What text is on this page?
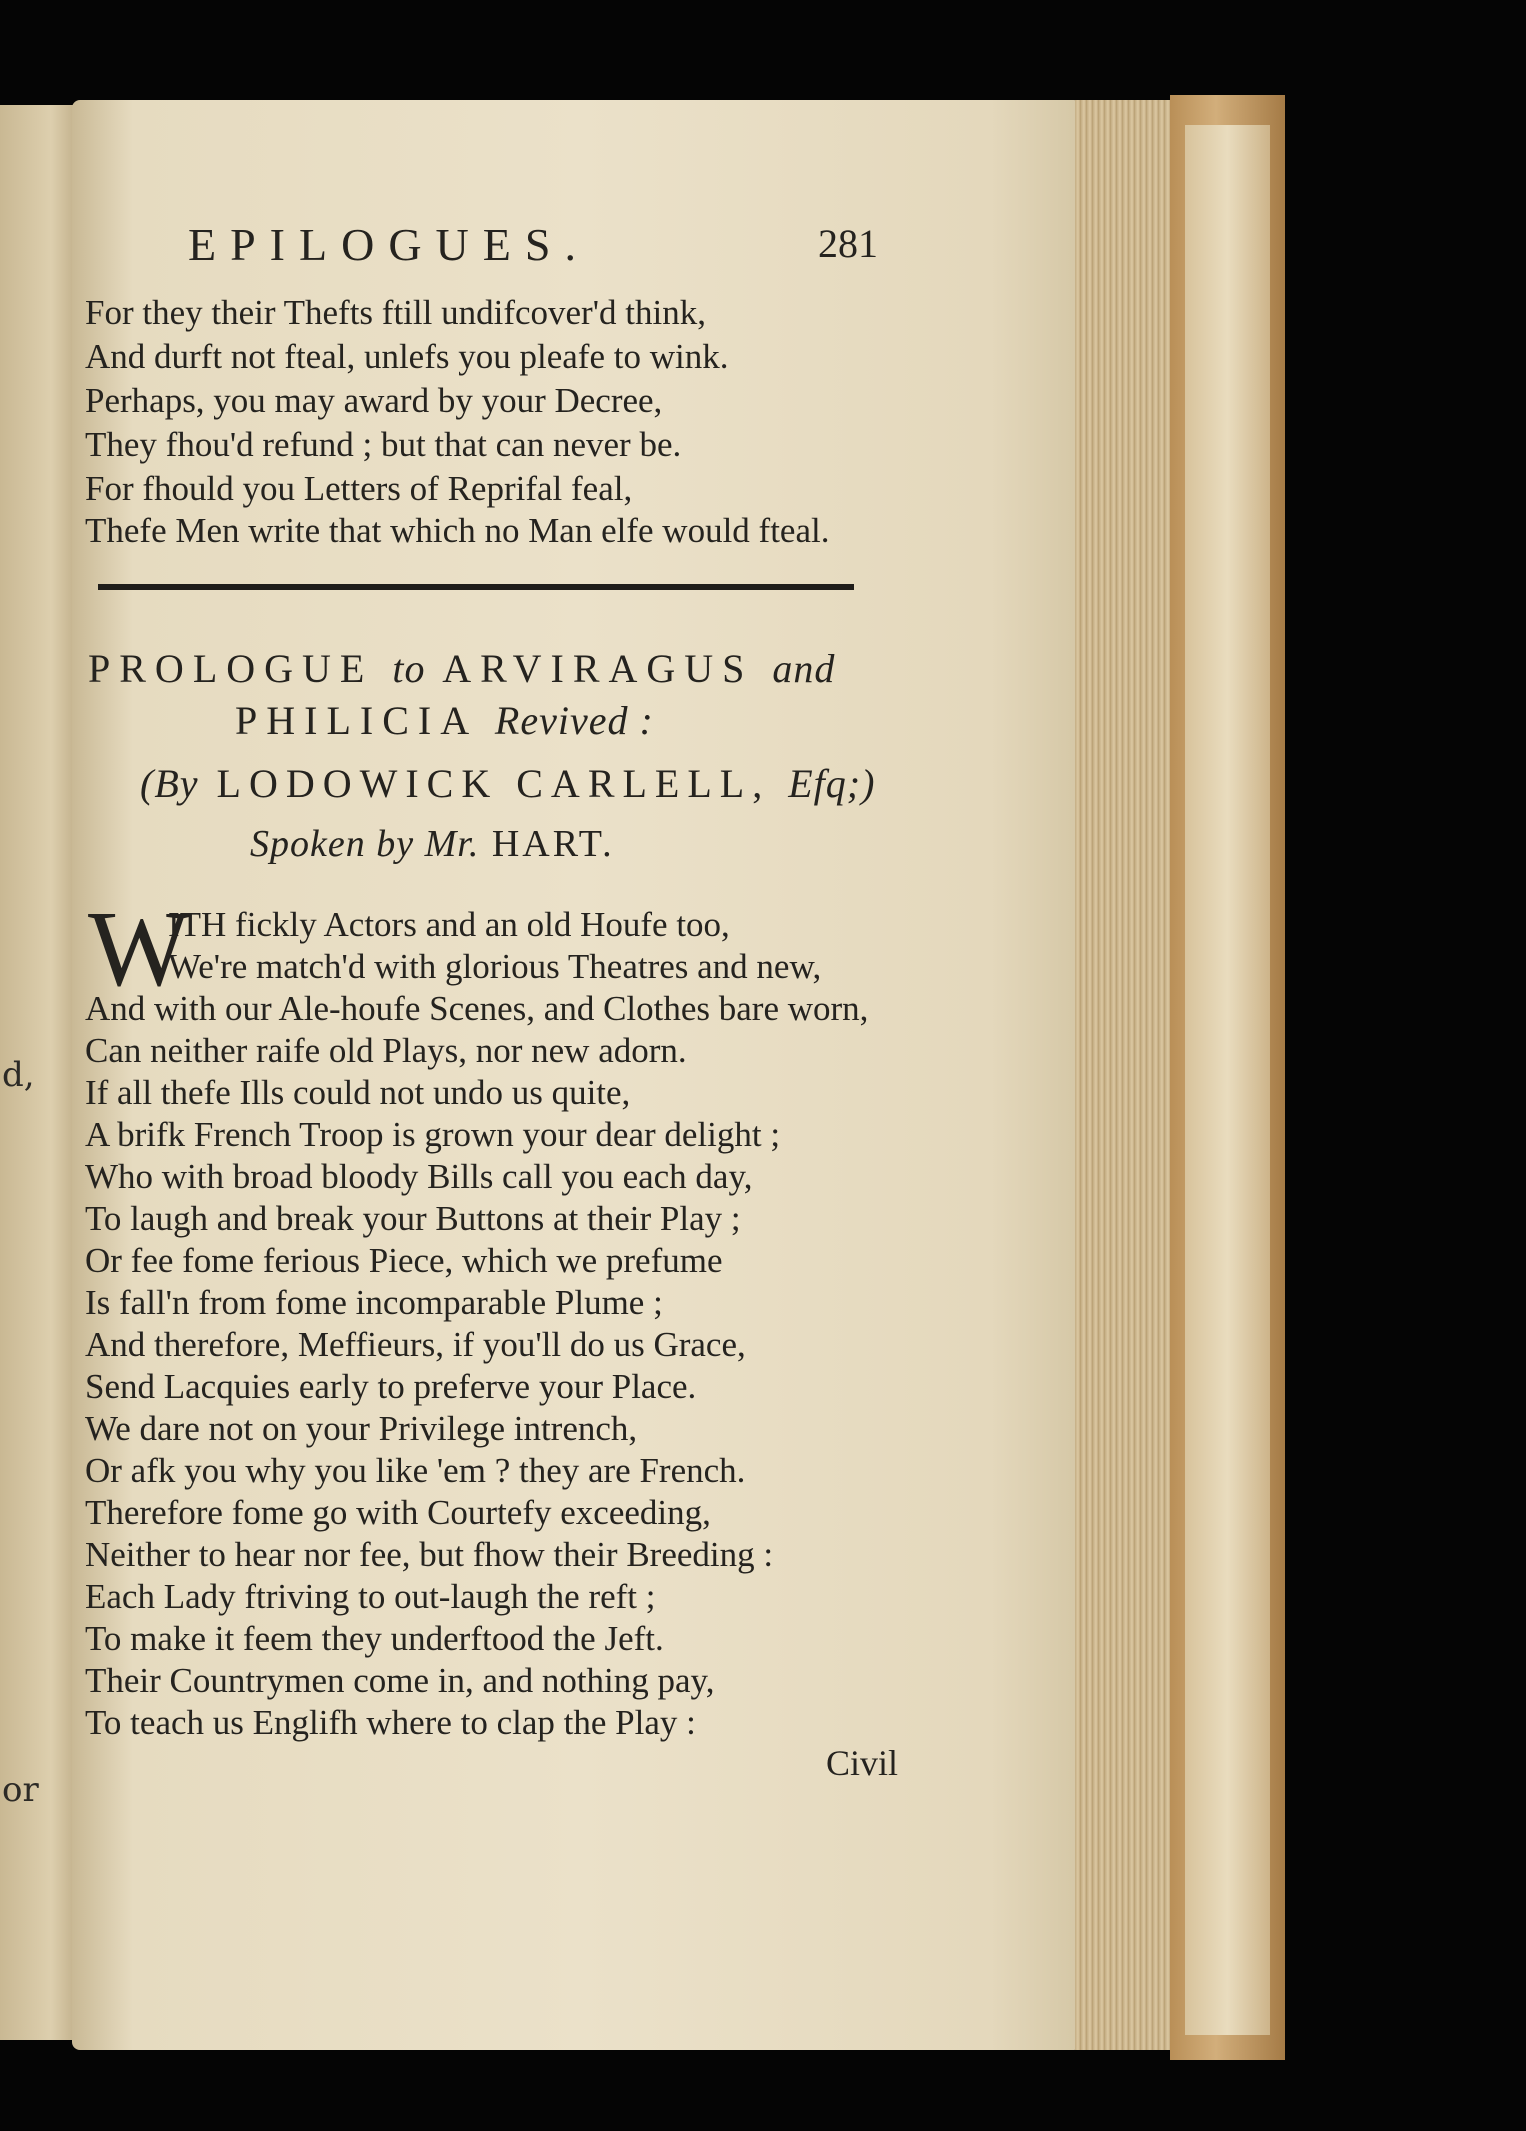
d,
or
EPILOGUES.	281
For they their Thefts ftill undifcover'd think,
And durft not fteal, unlefs you pleafe to wink.
Perhaps, you may award by your Decree,
They fhou'd refund ; but that can never be.
For fhould you Letters of Reprifal feal,
Thefe Men write that which no Man elfe would fteal.
PROLOGUE to ARVIRAGUS and
PHILICIA Revived :
(By LODOWICK CARLELL, Efq;)
Spoken by Mr. HART.
W
ITH fickly Actors and an old Houfe too,
We're match'd with glorious Theatres and new,
And with our Ale-houfe Scenes, and Clothes bare worn,
Can neither raife old Plays, nor new adorn.
If all thefe Ills could not undo us quite,
A brifk French Troop is grown your dear delight ;
Who with broad bloody Bills call you each day,
To laugh and break your Buttons at their Play ;
Or fee fome ferious Piece, which we prefume
Is fall'n from fome incomparable Plume ;
And therefore, Meffieurs, if you'll do us Grace,
Send Lacquies early to preferve your Place.
We dare not on your Privilege intrench,
Or afk you why you like 'em ? they are French.
Therefore fome go with Courtefy exceeding,
Neither to hear nor fee, but fhow their Breeding :
Each Lady ftriving to out-laugh the reft ;
To make it feem they underftood the Jeft.
Their Countrymen come in, and nothing pay,
To teach us Englifh where to clap the Play :
Civil
